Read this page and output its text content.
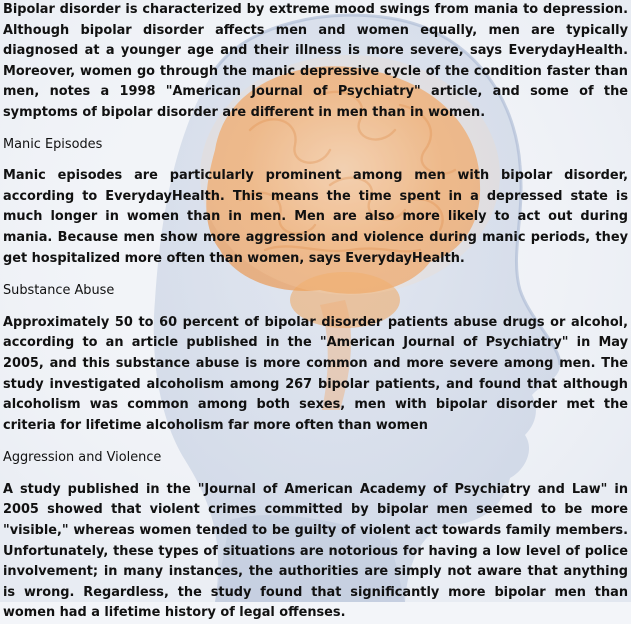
Bipolar disorder is characterized by extreme mood swings from mania to depression. Although bipolar disorder affects men and women equally, men are typically diagnosed at a younger age and their illness is more severe, says EverydayHealth. Moreover, women go through the manic depressive cycle of the condition faster than men, notes a 1998 "American Journal of Psychiatry" article, and some of the symptoms of bipolar disorder are different in men than in women.

Manic Episodes

Manic episodes are particularly prominent among men with bipolar disorder, according to EverydayHealth. This means the time spent in a depressed state is much longer in women than in men. Men are also more likely to act out during mania. Because men show more aggression and violence during manic periods, they get hospitalized more often than women, says EverydayHealth.

Substance Abuse

Approximately 50 to 60 percent of bipolar disorder patients abuse drugs or alcohol, according to an article published in the "American Journal of Psychiatry" in May 2005, and this substance abuse is more common and more severe among men. The study investigated alcoholism among 267 bipolar patients, and found that although alcoholism was common among both sexes, men with bipolar disorder met the criteria for lifetime alcoholism far more often than women

Aggression and Violence

A study published in the "Journal of American Academy of Psychiatry and Law" in 2005 showed that violent crimes committed by bipolar men seemed to be more "visible," whereas women tended to be guilty of violent act towards family members. Unfortunately, these types of situations are notorious for having a low level of police involvement; in many instances, the authorities are simply not aware that anything is wrong. Regardless, the study found that significantly more bipolar men than women had a lifetime history of legal offenses.
